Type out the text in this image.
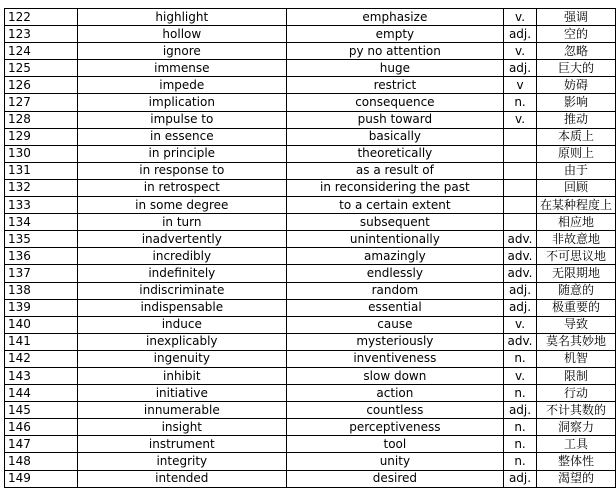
122	highlight	emphasize	v.	强调
123	hollow	empty	adj.	空的
124	ignore	py no attention	v.	忽略
125	immense	huge	adj.	巨大的
126	impede	restrict	v	妨碍
127	implication	consequence	n.	影响
128	impulse to	push toward	v.	推动
129	in essence	basically		本质上
130	in principle	theoretically		原则上
131	in response to	as a result of		由于
132	in retrospect	in reconsidering the past		回顾
133	in some degree	to a certain extent		在某种程度上
134	in turn	subsequent		相应地
135	inadvertently	unintentionally	adv.	非故意地
136	incredibly	amazingly	adv.	不可思议地
137	indefinitely	endlessly	adv.	无限期地
138	indiscriminate	random	adj.	随意的
139	indispensable	essential	adj.	极重要的
140	induce	cause	v.	导致
141	inexplicably	mysteriously	adv.	莫名其妙地
142	ingenuity	inventiveness	n.	机智
143	inhibit	slow down	v.	限制
144	initiative	action	n.	行动
145	innumerable	countless	adj.	不计其数的
146	insight	perceptiveness	n.	洞察力
147	instrument	tool	n.	工具
148	integrity	unity	n.	整体性
149	intended	desired	adj.	渴望的
